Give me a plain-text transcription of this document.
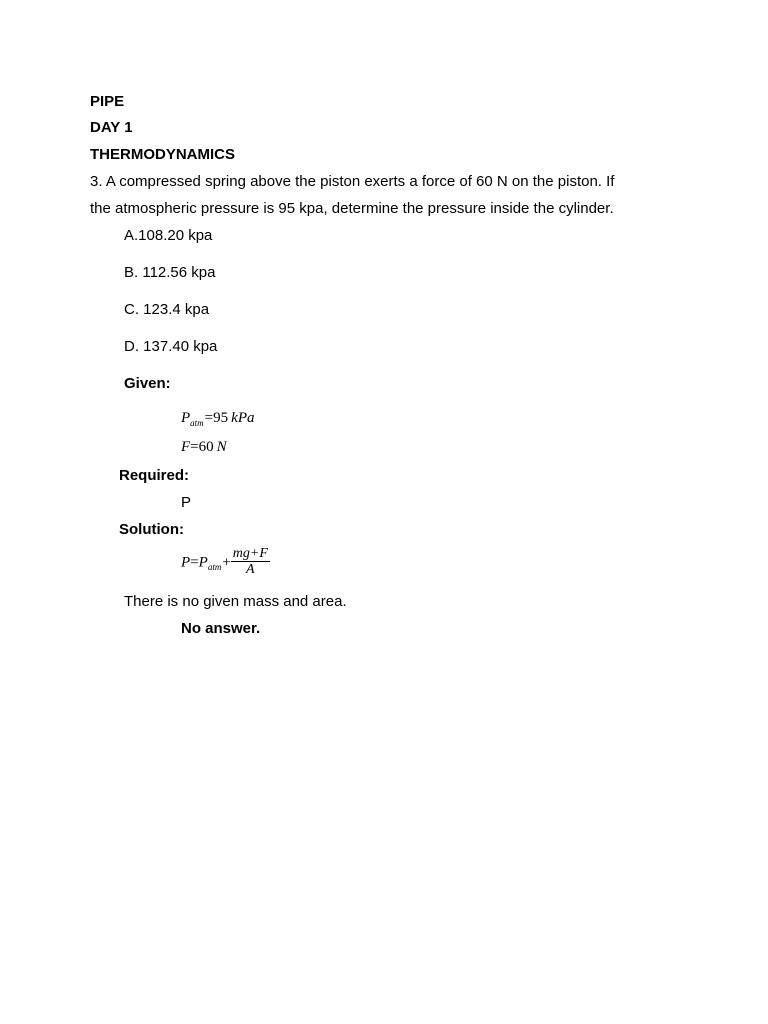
PIPE
DAY 1
THERMODYNAMICS
3. A compressed spring above the piston exerts a force of 60 N on the piston. If
the atmospheric pressure is 95 kpa, determine the pressure inside the cylinder.
A.108.20 kpa
B. 112.56 kpa
C. 123.4 kpa
D. 137.40 kpa
Given:
$P_{atm}=95$  kPa
F=60  N
Required:
P
Solution:
$P=P_{atm}+ \frac{mg+F}{A}$
There is no given mass and area.
No answer.
